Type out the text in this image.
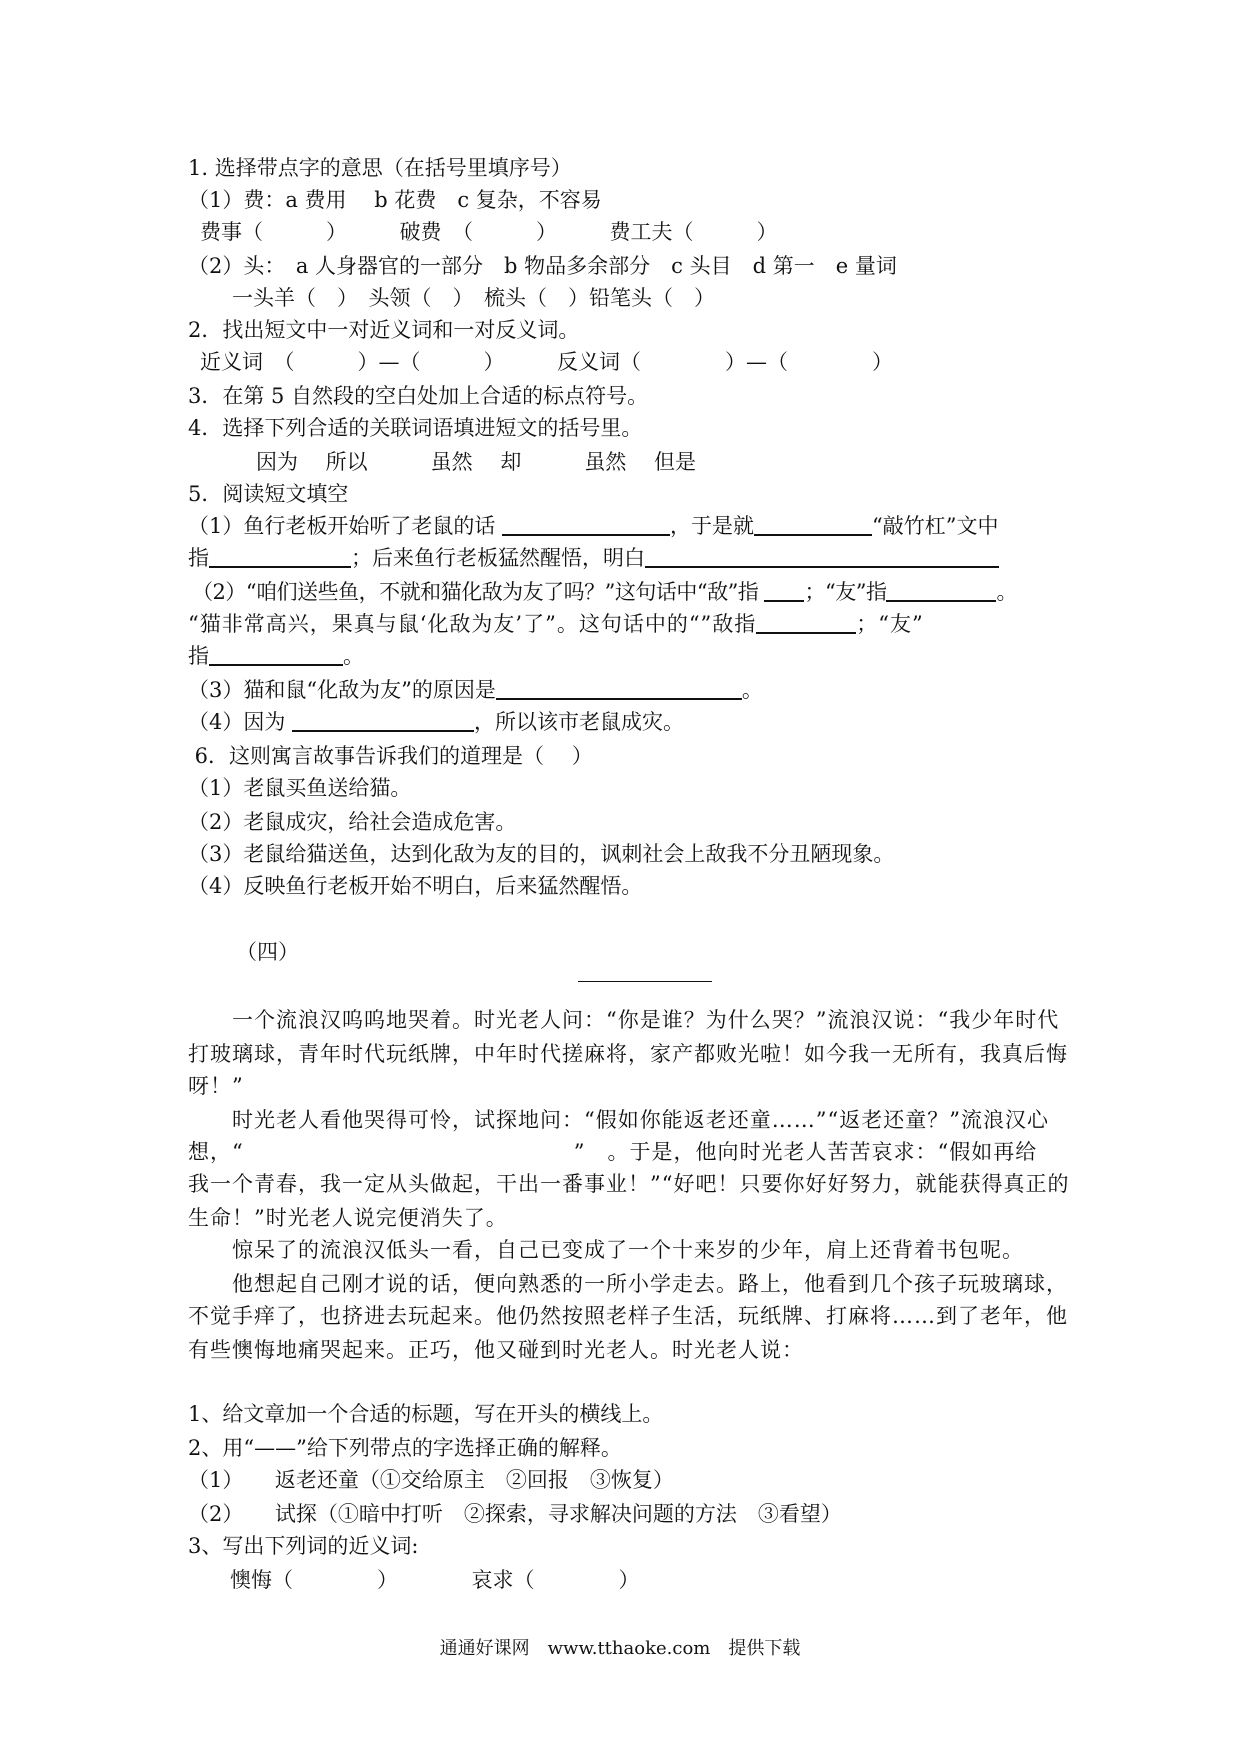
1. 选择带点字的意思（在括号里填序号）
（1）费：a 费用　 b 花费　c 复杂，不容易
费事（　　　）　　　破费　（　　　）　　　费工夫（　　　）
（2）头：　a 人身器官的一部分　b 物品多余部分　c 头目　d 第一　e 量词
一头羊（　）　头领（　）　梳头（　）铅笔头（　）
2．找出短文中一对近义词和一对反义词。
近义词　（　　　）—（　　　）　　　反义词（　　　　）—（　　　　）
3．在第 5 自然段的空白处加上合适的标点符号。
4．选择下列合适的关联词语填进短文的括号里。
因为　 所以　　　虽然　 却　　　虽然　 但是
5．阅读短文填空
（1）鱼行老板开始听了老鼠的话	，于是就	“敲竹杠”文中
指	；后来鱼行老板猛然醒悟，明白
（2）“咱们送些鱼，不就和猫化敌为友了吗？”这句话中“敌”指 ；“友”指	。
“猫非常高兴，果真与鼠‘化敌为友’了”。这句话中的“”敌指	；“友”
指	。
（3）猫和鼠“化敌为友”的原因是	。
（4）因为	，所以该市老鼠成灾。
6．这则寓言故事告诉我们的道理是（　 ）
（1）老鼠买鱼送给猫。
（2）老鼠成灾，给社会造成危害。
（3）老鼠给猫送鱼，达到化敌为友的目的，讽刺社会上敌我不分丑陋现象。
（4）反映鱼行老板开始不明白，后来猛然醒悟。
（四）
　　一个流浪汉呜呜地哭着。时光老人问：“你是谁？为什么哭？”流浪汉说：“我少年时代
打玻璃球，青年时代玩纸牌，中年时代搓麻将，家产都败光啦！如今我一无所有，我真后悔
呀！”
　　时光老人看他哭得可怜，试探地问：“假如你能返老还童……”“返老还童？”流浪汉心
想，“　　　　　　　　　　　　　　　”　。于是，他向时光老人苦苦哀求：“假如再给
我一个青春，我一定从头做起，干出一番事业！”“好吧！只要你好好努力，就能获得真正的
生命！”时光老人说完便消失了。
　　惊呆了的流浪汉低头一看，自己已变成了一个十来岁的少年，肩上还背着书包呢。
　　他想起自己刚才说的话，便向熟悉的一所小学走去。路上，他看到几个孩子玩玻璃球，
不觉手痒了，也挤进去玩起来。他仍然按照老样子生活，玩纸牌、打麻将……到了老年，他
有些懊悔地痛哭起来。正巧，他又碰到时光老人。时光老人说：
1、给文章加一个合适的标题，写在开头的横线上。
2、用“——”给下列带点的字选择正确的解释。
（1）　　返老还童（①交给原主　②回报　③恢复）
（2）　　试探（①暗中打听　②探索，寻求解决问题的方法　③看望）
3、写出下列词的近义词:
　　懊悔（　　　　）　　　　哀求（　　　　）
通通好课网　www.tthaoke.com　提供下载
